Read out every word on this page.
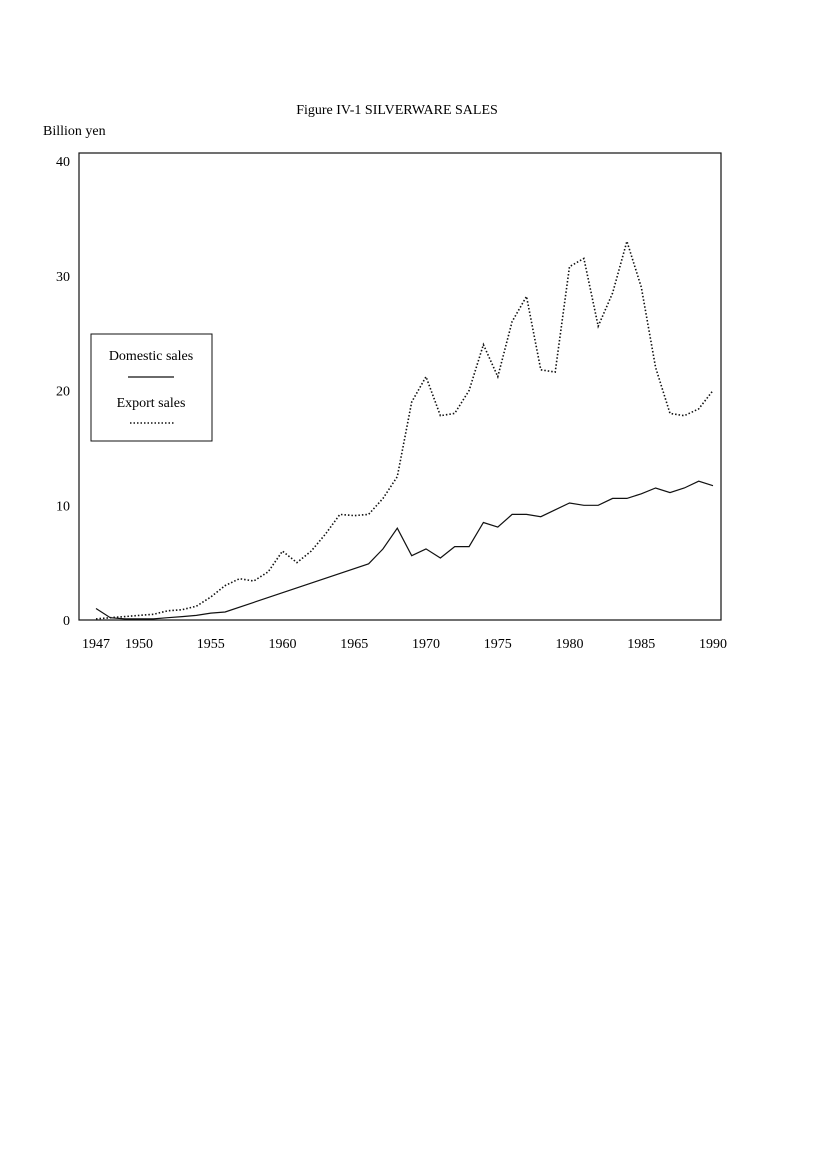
Figure IV-1 SILVERWARE SALES
Billion yen
0
10
20
30
40
1947 1950	1955	1960	1965	1970	1975	1980	1985	1990
Domestic sales
Export sales
